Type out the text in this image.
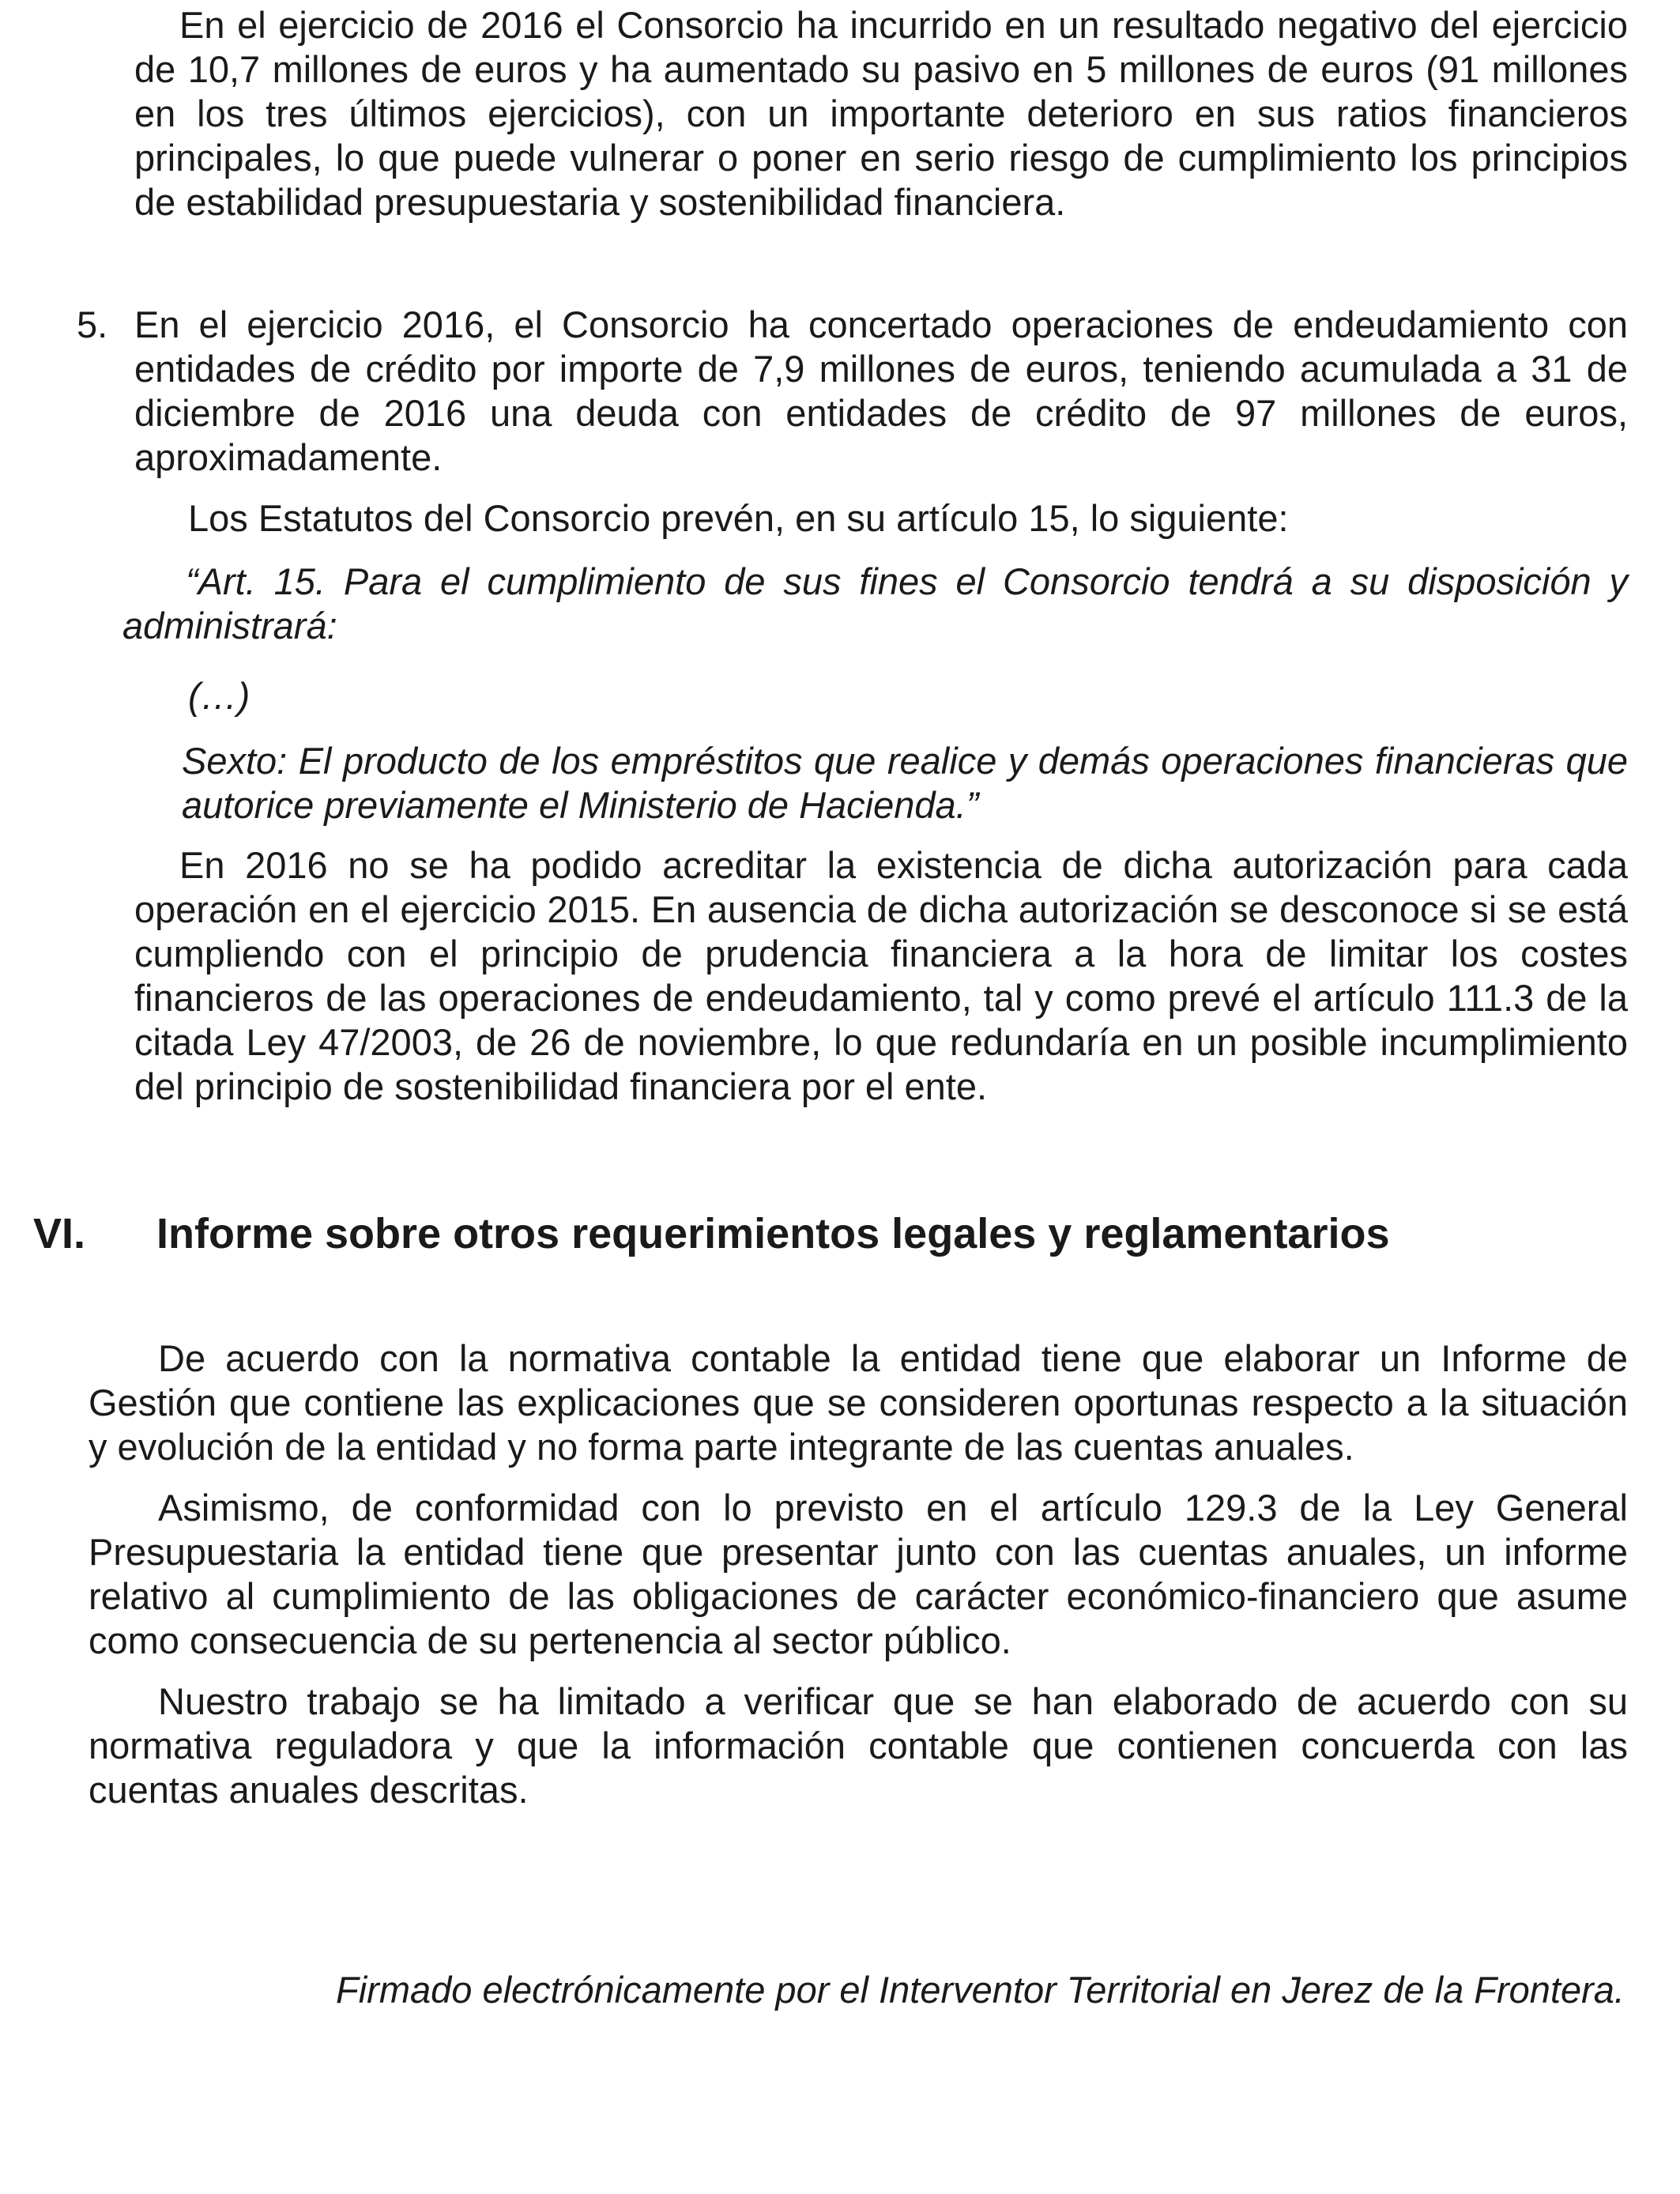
En el ejercicio de 2016 el Consorcio ha incurrido en un resultado negativo del ejercicio de 10,7 millones de euros y ha aumentado su pasivo en 5 millones de euros (91 millones en los tres últimos ejercicios), con un importante deterioro en sus ratios financieros principales, lo que puede vulnerar o poner en serio riesgo de cumplimiento los principios de estabilidad presupuestaria y sostenibilidad financiera.

5. En el ejercicio 2016, el Consorcio ha concertado operaciones de endeudamiento con entidades de crédito por importe de 7,9 millones de euros, teniendo acumulada a 31 de diciembre de 2016 una deuda con entidades de crédito de 97 millones de euros, aproximadamente.

Los Estatutos del Consorcio prevén, en su artículo 15, lo siguiente:

“Art. 15. Para el cumplimiento de sus fines el Consorcio tendrá a su disposición y administrará:

(…)

Sexto: El producto de los empréstitos que realice y demás operaciones financieras que autorice previamente el Ministerio de Hacienda.”

En 2016 no se ha podido acreditar la existencia de dicha autorización para cada operación en el ejercicio 2015. En ausencia de dicha autorización se desconoce si se está cumpliendo con el principio de prudencia financiera a la hora de limitar los costes financieros de las operaciones de endeudamiento, tal y como prevé el artículo 111.3 de la citada Ley 47/2003, de 26 de noviembre, lo que redundaría en un posible incumplimiento del principio de sostenibilidad financiera por el ente.

VI. Informe sobre otros requerimientos legales y reglamentarios

De acuerdo con la normativa contable la entidad tiene que elaborar un Informe de Gestión que contiene las explicaciones que se consideren oportunas respecto a la situación y evolución de la entidad y no forma parte integrante de las cuentas anuales.

Asimismo, de conformidad con lo previsto en el artículo 129.3 de la Ley General Presupuestaria la entidad tiene que presentar junto con las cuentas anuales, un informe relativo al cumplimiento de las obligaciones de carácter económico-financiero que asume como consecuencia de su pertenencia al sector público.

Nuestro trabajo se ha limitado a verificar que se han elaborado de acuerdo con su normativa reguladora y que la información contable que contienen concuerda con las cuentas anuales descritas.

Firmado electrónicamente por el Interventor Territorial en Jerez de la Frontera.
